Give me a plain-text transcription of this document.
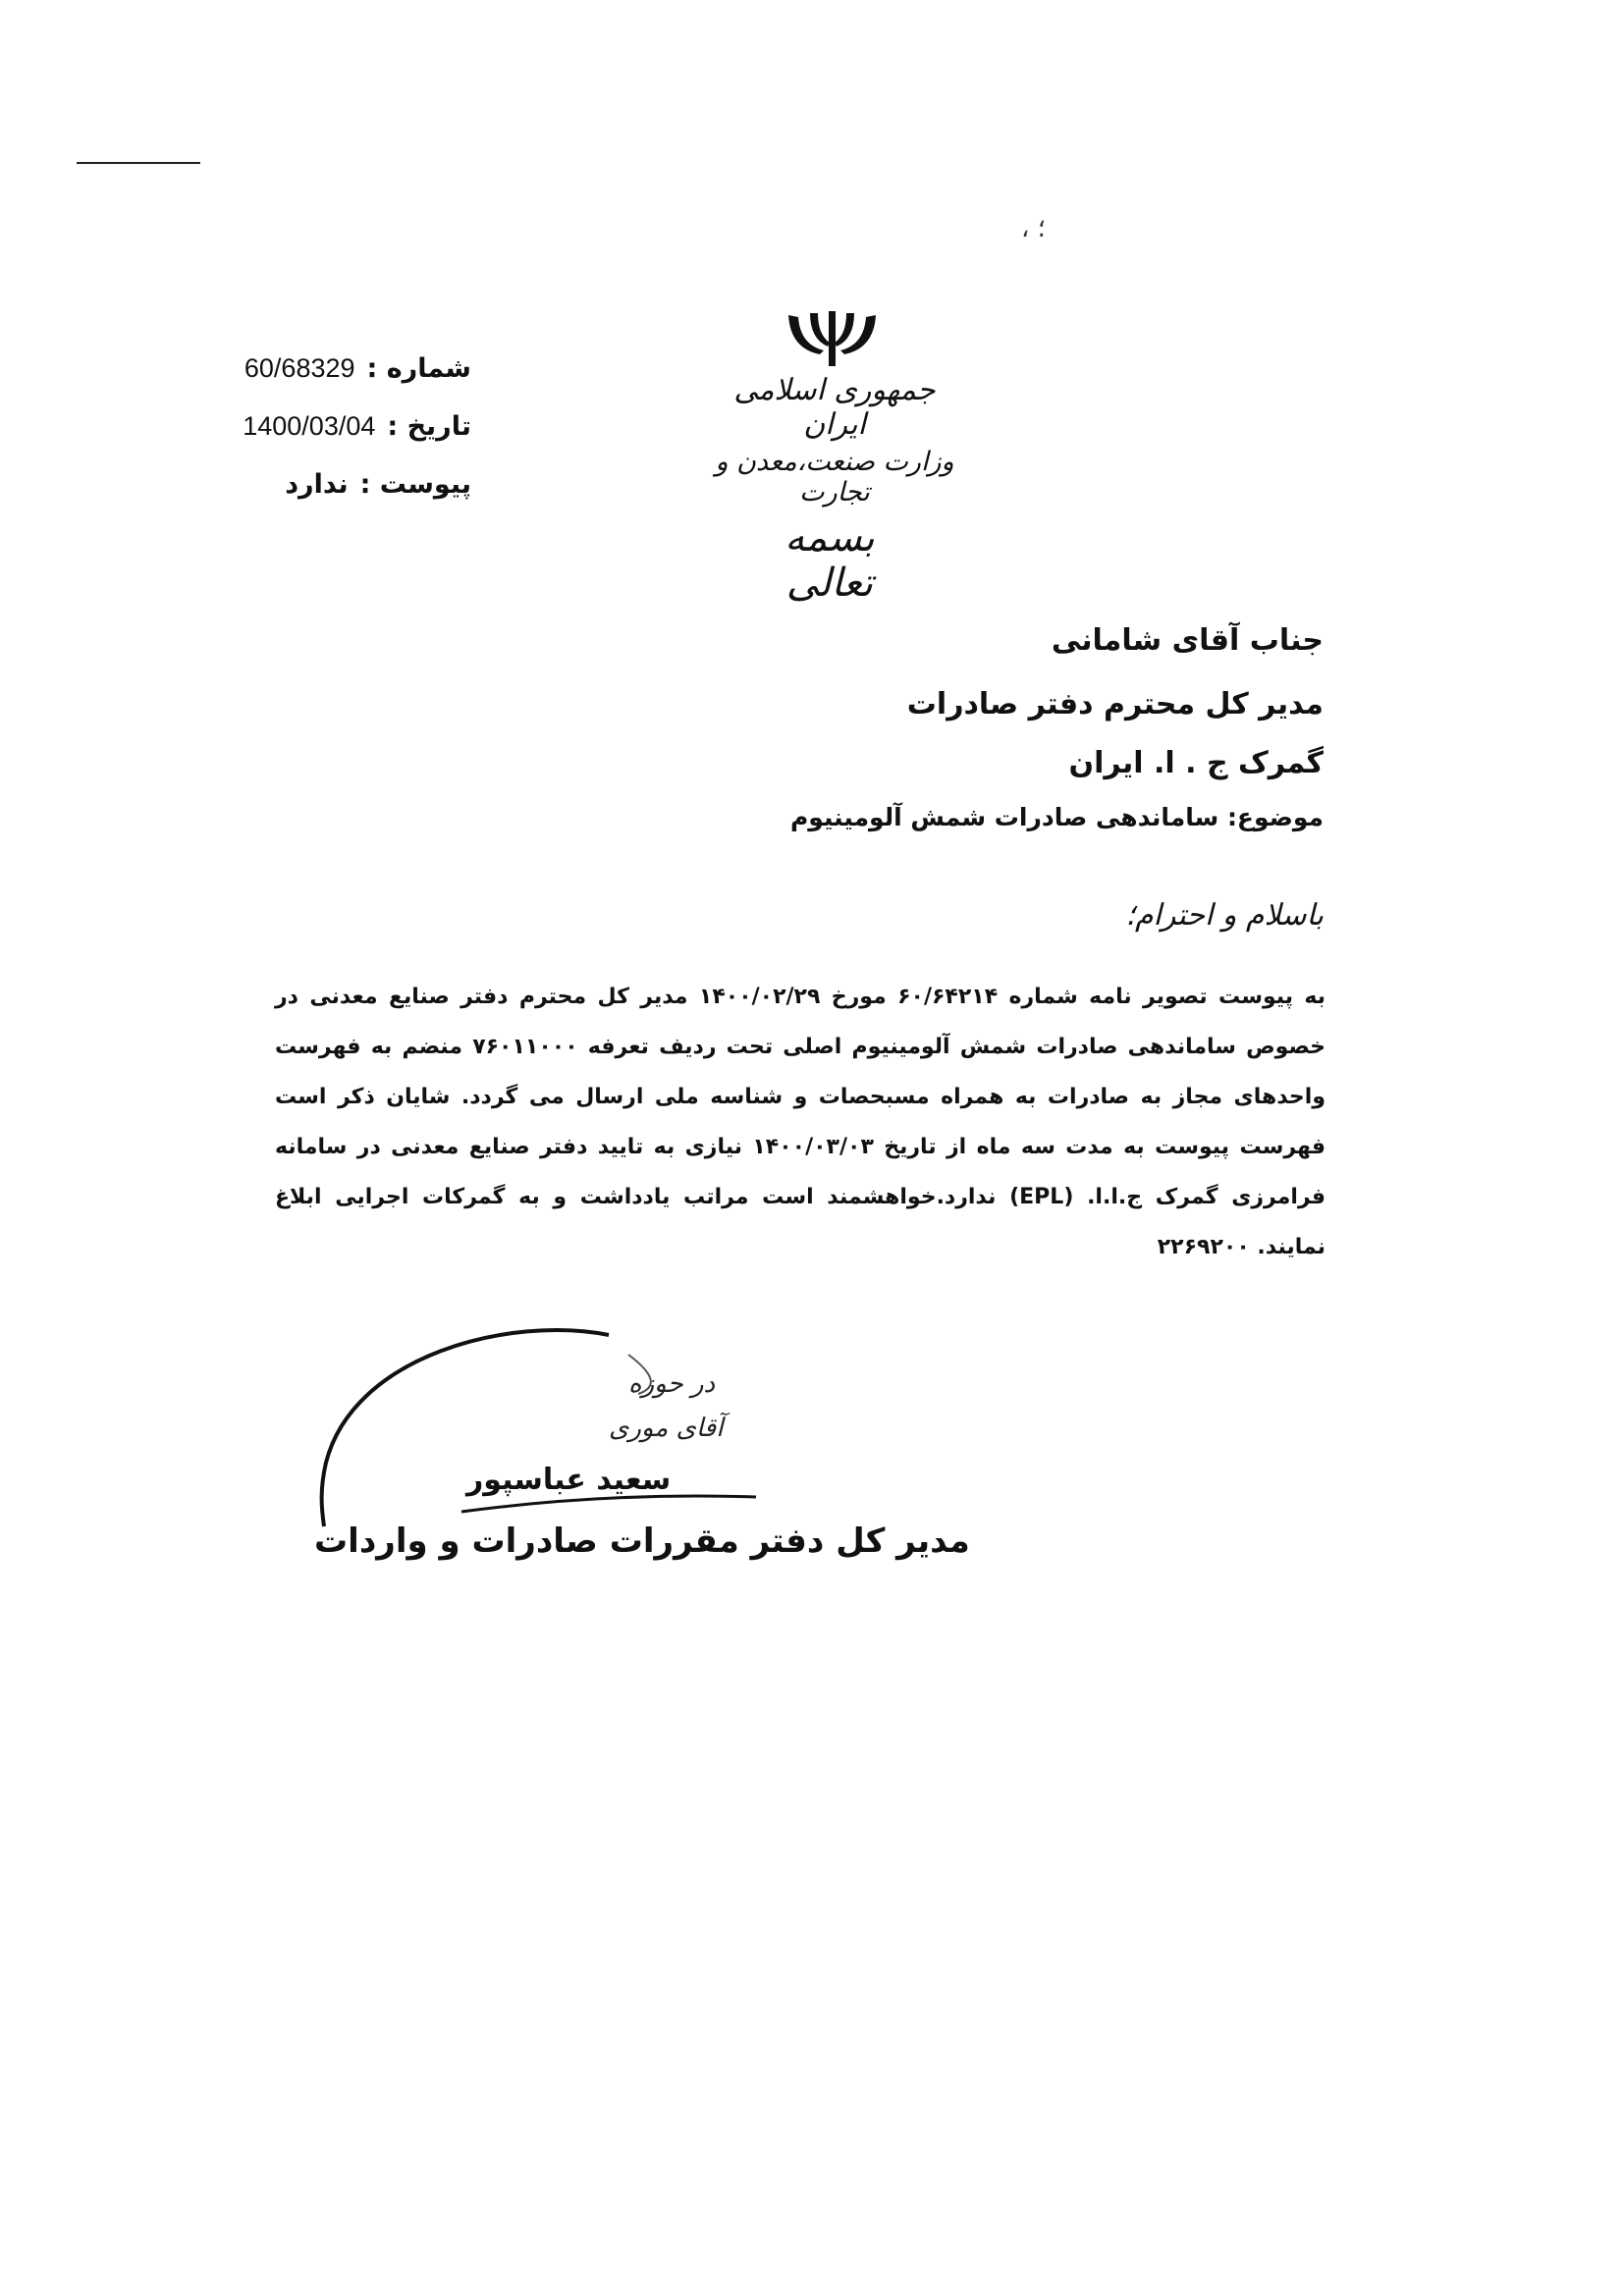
، ؛
شماره :
60/68329
تاریخ :
1400/03/04
پیوست :
ندارد
جمهوری اسلامی ایران
وزارت صنعت،معدن و تجارت
بسمه تعالی
جناب آقای شامانی
مدیر کل محترم دفتر صادرات
گمرک ج . ا. ایران
موضوع: ساماندهی صادرات شمش آلومینیوم
باسلام و احترام؛
به پیوست تصویر نامه شماره ۶۰/۶۴۲۱۴ مورخ ۱۴۰۰/۰۲/۲۹ مدیر کل محترم دفتر صنایع معدنی در خصوص ساماندهی صادرات شمش آلومینیوم اصلی تحت ردیف تعرفه ۷۶۰۱۱۰۰۰ منضم به فهرست واحدهای مجاز به صادرات به همراه مسبحصات و شناسه ملی ارسال می گردد. شایان ذکر است فهرست پیوست به مدت سه ماه از تاریخ ۱۴۰۰/۰۳/۰۳ نیازی به تایید دفتر صنایع معدنی در سامانه فرامرزی گمرک ج.ا.ا. (EPL) ندارد.خواهشمند است مراتب یادداشت و به گمرکات اجرایی ابلاغ نمایند. ۲۲۶۹۲۰۰
در حوزه
آقای موری
سعید عباسپور
مدیر کل دفتر مقررات صادرات و واردات
